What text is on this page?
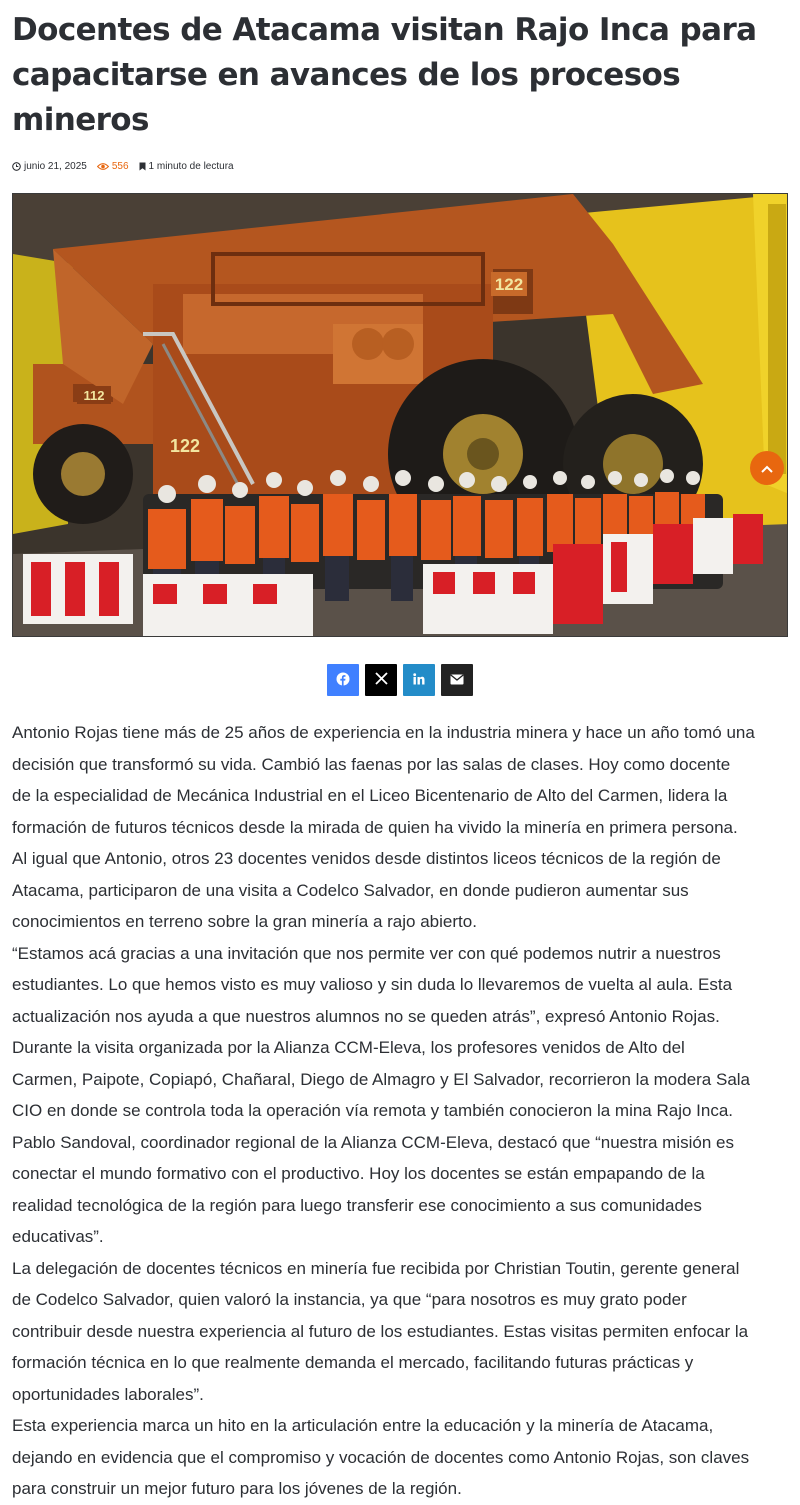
Docentes de Atacama visitan Rajo Inca para
capacitarse en avances de los procesos mineros
junio 21, 2025	556 1 minuto de lectura
122
112
122
Antonio Rojas tiene más de 25 años de experiencia en la industria minera y hace un año tomó una
decisión que transformó su vida. Cambió las faenas por las salas de clases. Hoy como docente
de la especialidad de Mecánica Industrial en el Liceo Bicentenario de Alto del Carmen, lidera la
formación de futuros técnicos desde la mirada de quien ha vivido la minería en primera persona.
Al igual que Antonio, otros 23 docentes venidos desde distintos liceos técnicos de la región de
Atacama, participaron de una visita a Codelco Salvador, en donde pudieron aumentar sus
conocimientos en terreno sobre la gran minería a rajo abierto.
“Estamos acá gracias a una invitación que nos permite ver con qué podemos nutrir a nuestros
estudiantes. Lo que hemos visto es muy valioso y sin duda lo llevaremos de vuelta al aula. Esta
actualización nos ayuda a que nuestros alumnos no se queden atrás”, expresó Antonio Rojas.
Durante la visita organizada por la Alianza CCM-Eleva, los profesores venidos de Alto del
Carmen, Paipote, Copiapó, Chañaral, Diego de Almagro y El Salvador, recorrieron la modera Sala
CIO en donde se controla toda la operación vía remota y también conocieron la mina Rajo Inca.
Pablo Sandoval, coordinador regional de la Alianza CCM-Eleva, destacó que “nuestra misión es
conectar el mundo formativo con el productivo. Hoy los docentes se están empapando de la
realidad tecnológica de la región para luego transferir ese conocimiento a sus comunidades
educativas”.
La delegación de docentes técnicos en minería fue recibida por Christian Toutin, gerente general
de Codelco Salvador, quien valoró la instancia, ya que “para nosotros es muy grato poder
contribuir desde nuestra experiencia al futuro de los estudiantes. Estas visitas permiten enfocar la
formación técnica en lo que realmente demanda el mercado, facilitando futuras prácticas y
oportunidades laborales”.
Esta experiencia marca un hito en la articulación entre la educación y la minería de Atacama,
dejando en evidencia que el compromiso y vocación de docentes como Antonio Rojas, son claves
para construir un mejor futuro para los jóvenes de la región.
